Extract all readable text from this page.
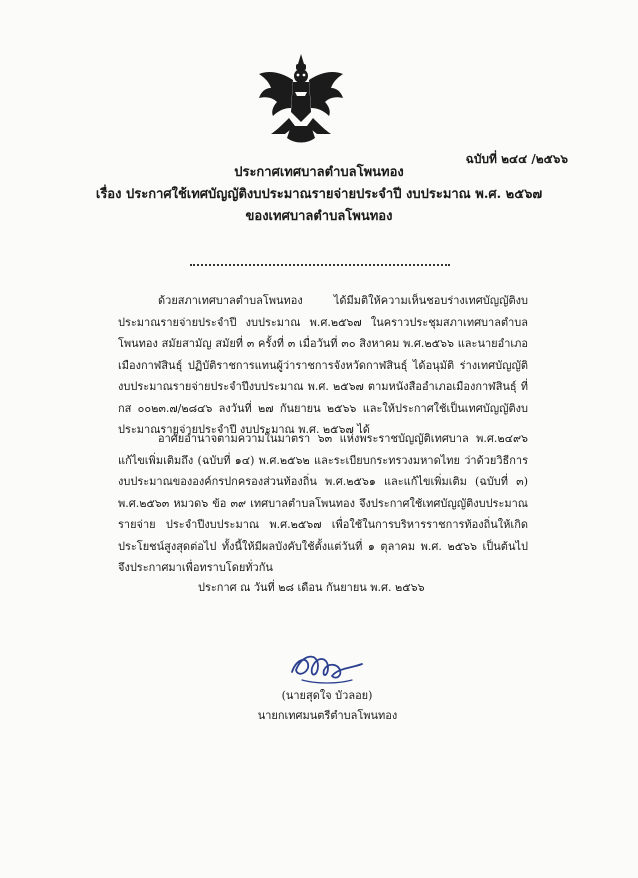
ฉบับที่ ๒๔๔ /๒๕๖๖
ประกาศเทศบาลตำบลโพนทอง
เรื่อง ประกาศใช้เทศบัญญัติงบประมาณรายจ่ายประจำปี งบประมาณ พ.ศ. ๒๕๖๗
ของเทศบาลตำบลโพนทอง

ด้วยสภาเทศบาลตำบลโพนทอง ได้มีมติให้ความเห็นชอบร่างเทศบัญญัติงบประมาณรายจ่ายประจำปี งบประมาณ พ.ศ.๒๕๖๗ ในคราวประชุมสภาเทศบาลตำบลโพนทอง สมัยสามัญ สมัยที่ ๓ ครั้งที่ ๓ เมื่อวันที่ ๓๐ สิงหาคม พ.ศ.๒๕๖๖ และนายอำเภอเมืองกาฬสินธุ์ ปฏิบัติราชการแทนผู้ว่าราชการจังหวัดกาฬสินธุ์ ได้อนุมัติ ร่างเทศบัญญัติงบประมาณรายจ่ายประจำปีงบประมาณ พ.ศ. ๒๕๖๗ ตามหนังสืออำเภอเมืองกาฬสินธุ์ ที่ กส ๐๐๒๓.๗/๒๘๔๖ ลงวันที่ ๒๗ กันยายน ๒๕๖๖ และให้ประกาศใช้เป็นเทศบัญญัติงบประมาณรายจ่ายประจำปี งบประมาณ พ.ศ. ๒๕๖๗ ได้

อาศัยอำนาจตามความในมาตรา ๖๓ แห่งพระราชบัญญัติเทศบาล พ.ศ.๒๔๙๖ แก้ไขเพิ่มเติมถึง (ฉบับที่ ๑๔) พ.ศ.๒๕๖๒ และระเบียบกระทรวงมหาดไทย ว่าด้วยวิธีการงบประมาณขององค์กรปกครองส่วนท้องถิ่น พ.ศ.๒๕๖๑ และแก้ไขเพิ่มเติม (ฉบับที่ ๓) พ.ศ.๒๕๖๓ หมวด๖ ข้อ ๓๙ เทศบาลตำบลโพนทอง จึงประกาศใช้เทศบัญญัติงบประมาณรายจ่าย ประจำปีงบประมาณ พ.ศ.๒๕๖๗ เพื่อใช้ในการบริหารราชการท้องถิ่นให้เกิดประโยชน์สูงสุดต่อไป ทั้งนี้ให้มีผลบังคับใช้ตั้งแต่วันที่ ๑ ตุลาคม พ.ศ. ๒๕๖๖ เป็นต้นไป จึงประกาศมาเพื่อทราบโดยทั่วกัน

ประกาศ ณ วันที่ ๒๘ เดือน กันยายน พ.ศ. ๒๕๖๖
(นายสุดใจ บัวลอย)
นายกเทศมนตรีตำบลโพนทอง
